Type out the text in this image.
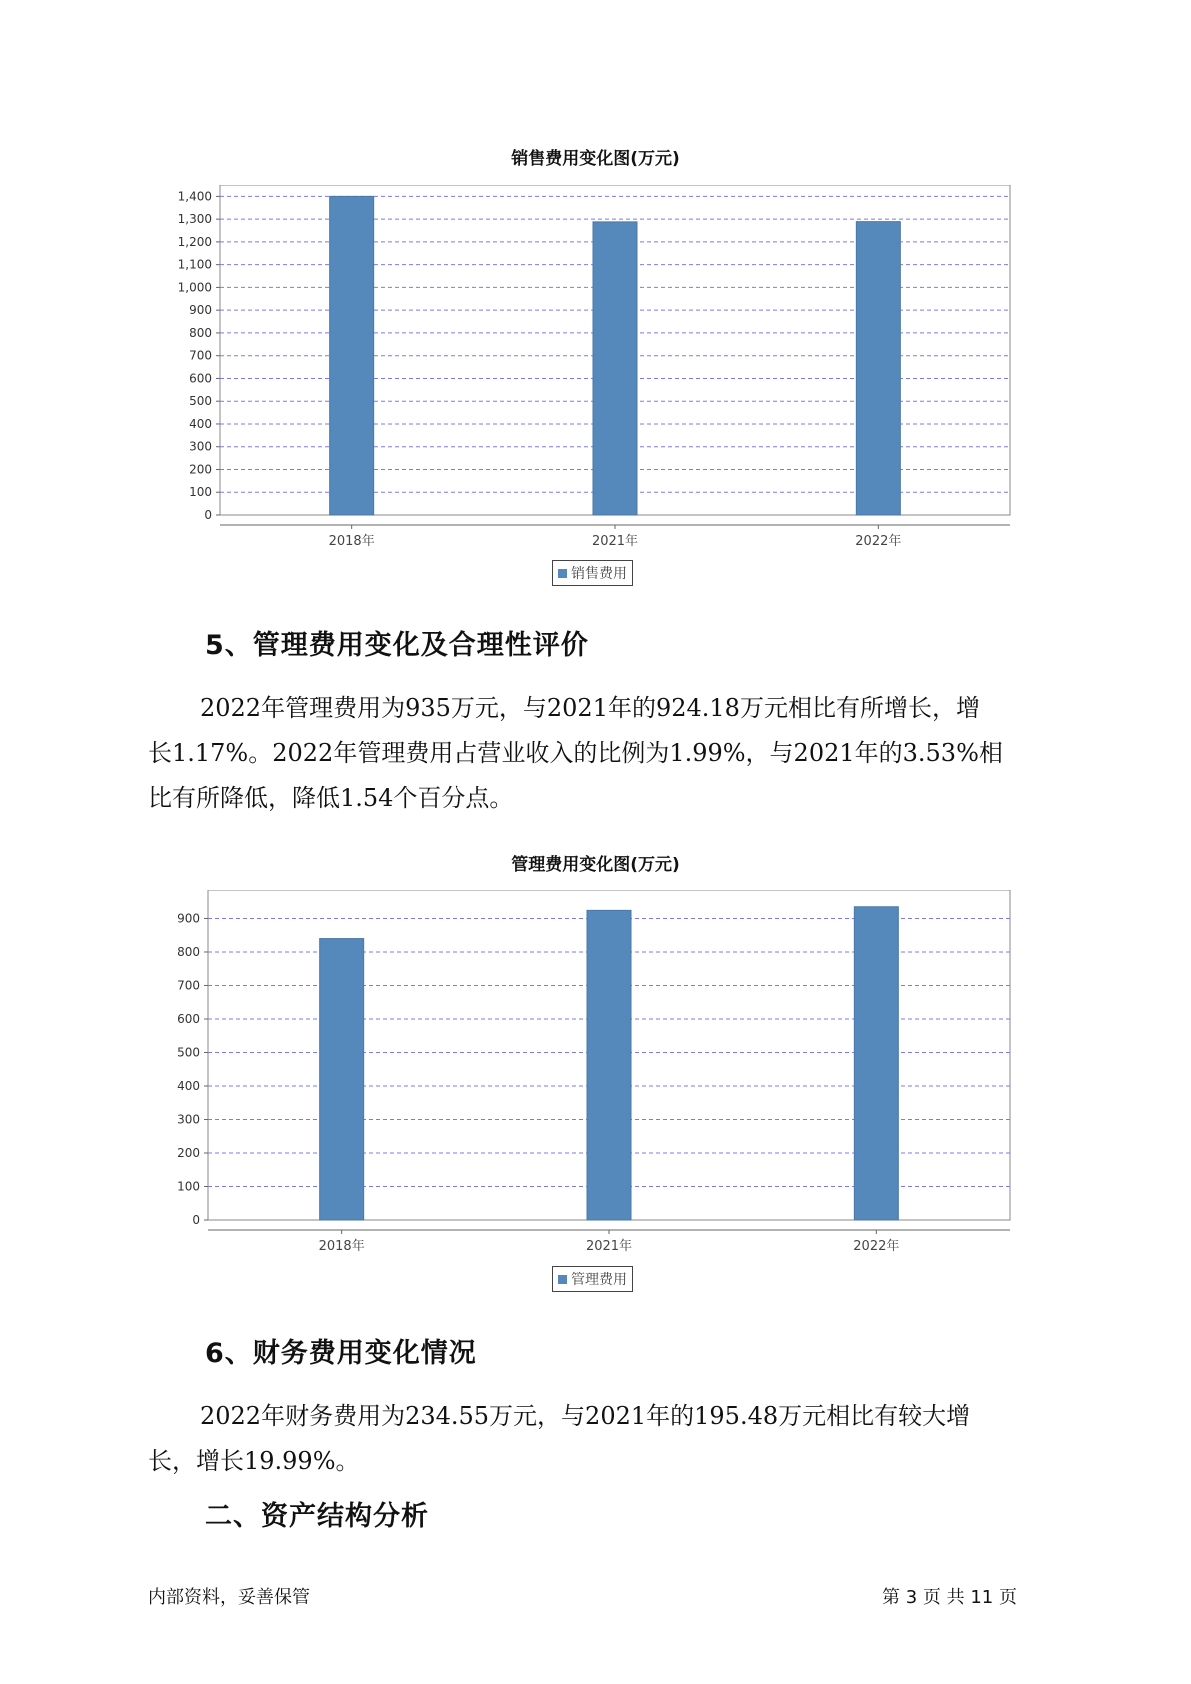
销售费用变化图(万元)
0
100
200
300
400
500
600
700
800
900
1,000
1,100
1,200
1,300
1,400
2018年	2021年	2022年
销售费用
5、管理费用变化及合理性评价
2022年管理费用为935万元，与2021年的924.18万元相比有所增长，增
长1.17%。2022年管理费用占营业收入的比例为1.99%，与2021年的3.53%相
比有所降低，降低1.54个百分点。
管理费用变化图(万元)
0
100
200
300
400
500
600
700
800
900
2018年	2021年	2022年
管理费用
6、财务费用变化情况
2022年财务费用为234.55万元，与2021年的195.48万元相比有较大增
长，增长19.99%。
二、资产结构分析
内部资料，妥善保管	第 3 页 共 11 页
